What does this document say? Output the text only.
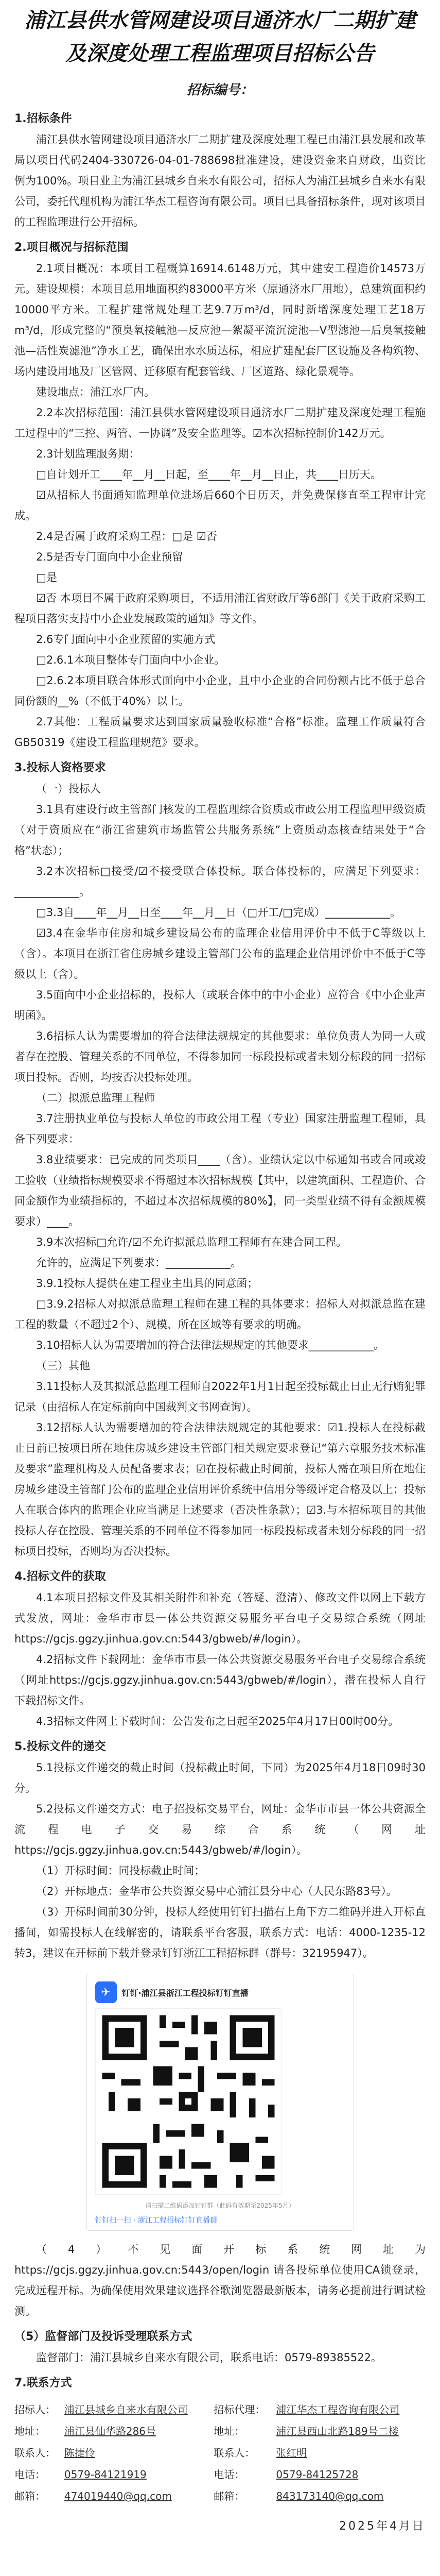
浦江县供水管网建设项目通济水厂二期扩建及深度处理工程监理项目招标公告
招标编号：
1.招标条件
浦江县供水管网建设项目通济水厂二期扩建及深度处理工程已由浦江县发展和改革局以项目代码2404-330726-04-01-788698批准建设，建设资金来自财政，出资比例为100%。项目业主为浦江县城乡自来水有限公司，招标人为浦江县城乡自来水有限公司，委托代理机构为浦江华杰工程咨询有限公司。项目已具备招标条件，现对该项目的工程监理进行公开招标。
2.项目概况与招标范围
2.1项目概况：本项目工程概算16914.6148万元，其中建安工程造价14573万元。建设规模：本项目总用地面积约83000平方米（原通济水厂用地），总建筑面积约10000平方米。工程扩建常规处理工艺9.7万m³/d，同时新增深度处理工艺18万m³/d，形成完整的“预臭氧接触池—反应池—絮凝平流沉淀池—V型滤池—后臭氧接触池—活性炭滤池”净水工艺，确保出水水质达标，相应扩建配套厂区设施及各构筑物、场内建设用地及厂区管网、迁移原有配套管线、厂区道路、绿化景观等。
建设地点：浦江水厂内。
2.2本次招标范围：浦江县供水管网建设项目通济水厂二期扩建及深度处理工程施工过程中的“三控、两管、一协调”及安全监理等。☑本次招标控制价142万元。
2.3计划监理服务期：
□自计划开工____年__月__日起，至____年__月__日止，共____日历天。
☑从招标人书面通知监理单位进场后660个日历天，并免费保修直至工程审计完成。
2.4是否属于政府采购工程：□是 ☑否
2.5是否专门面向中小企业预留
□是
☑否 本项目不属于政府采购项目，不适用浦江省财政厅等6部门《关于政府采购工程项目落实支持中小企业发展政策的通知》等文件。
2.6专门面向中小企业预留的实施方式
□2.6.1本项目整体专门面向中小企业。
□2.6.2本项目联合体形式面向中小企业，且中小企业的合同份额占比不低于总合同份额的__%（不低于40%）以上。
2.7其他：工程质量要求达到国家质量验收标准“合格”标准。监理工作质量符合GB50319《建设工程监理规范》要求。
3.投标人资格要求
（一）投标人
3.1具有建设行政主管部门核发的工程监理综合资质或市政公用工程监理甲级资质（对于资质应在“浙江省建筑市场监管公共服务系统”上资质动态核查结果处于“合格”状态）；
3.2本次招标□接受/☑不接受联合体投标。联合体投标的，应满足下列要求：____________。
□3.3自____年__月__日至____年__月__日（□开工/□完成）____________。
☑3.4在金华市住房和城乡建设局公布的监理企业信用评价中不低于C等级以上（含）。本项目在浙江省住房城乡建设主管部门公布的监理企业信用评价中不低于C等级以上（含）。
3.5面向中小企业招标的，投标人（或联合体中的中小企业）应符合《中小企业声明函》。
3.6招标人认为需要增加的符合法律法规规定的其他要求：单位负责人为同一人或者存在控股、管理关系的不同单位，不得参加同一标段投标或者未划分标段的同一招标项目投标。否则，均按否决投标处理。
（二）拟派总监理工程师
3.7注册执业单位与投标人单位的市政公用工程（专业）国家注册监理工程师，具备下列要求：
3.8业绩要求：已完成的同类项目____（含）。业绩认定以中标通知书或合同或竣工验收（业绩指标规模要求不得超过本次招标规模【其中，以建筑面积、工程造价、合同金额作为业绩指标的，不超过本次招标规模的80%】，同一类型业绩不得有金额规模要求）____。
3.9本次招标□允许/☑不允许拟派总监理工程师有在建合同工程。
允许的，应满足下列要求：____________。
3.9.1投标人提供在建工程业主出具的同意函；
□3.9.2招标人对拟派总监理工程师在建工程的具体要求：招标人对拟派总监在建工程的数量（不超过2个）、规模、所在区域等有要求的明确。
3.10招标人认为需要增加的符合法律法规规定的其他要求____________。
（三）其他
3.11投标人及其拟派总监理工程师自2022年1月1日起至投标截止日止无行贿犯罪记录（由招标人在定标前向中国裁判文书网查询）。
3.12招标人认为需要增加的符合法律法规规定的其他要求：☑1.投标人在投标截止日前已按项目所在地住房城乡建设主管部门相关规定要求登记“第六章服务技术标准及要求”监理机构及人员配备要求表；☑在投标截止时间前，投标人需在项目所在地住房城乡建设主管部门公布的监理企业信用评价系统中信用分等级评定合格及以上；投标人在联合体内的监理企业应当满足上述要求（否决性条款）；☑3.与本招标项目的其他投标人存在控股、管理关系的不同单位不得参加同一标段投标或者未划分标段的同一招标项目投标，否则均为否决投标。
4.招标文件的获取
4.1本项目招标文件及其相关附件和补充（答疑、澄清）、修改文件以网上下载方式发放，网址：金华市市县一体公共资源交易服务平台电子交易综合系统（网址https://gcjs.ggzy.jinhua.gov.cn:5443/gbweb/#/login）。
4.2招标文件下载网址：金华市市县一体公共资源交易服务平台电子交易综合系统（网址https://gcjs.ggzy.jinhua.gov.cn:5443/gbweb/#/login），潜在投标人自行下载招标文件。
4.3招标文件网上下载时间：公告发布之日起至2025年4月17日00时00分。
5.投标文件的递交
5.1投标文件递交的截止时间（投标截止时间，下同）为2025年4月18日09时30分。
5.2投标文件递交方式：电子招投标交易平台，网址：金华市市县一体公共资源全流程电子交易综合系统（网址https://gcjs.ggzy.jinhua.gov.cn:5443/gbweb/#/login）。
（1）开标时间：同投标截止时间；
（2）开标地点：金华市公共资源交易中心浦江县分中心（人民东路83号）。
（3）开标时间前30分钟，投标人经使用钉钉扫描右上角下方二维码并进入开标直播间，如需投标人在线解密的，请联系平台客服，联系方式：电话：4000-1235-12转3，建议在开标前下载并登录钉钉浙江工程招标群（群号：32195947）。
✈	钉钉·浦江县浙江工程投标钉钉直播
请扫描二维码添加钉钉群（此码有效期至2025年5月）
钉钉扫一扫 · 浙江工程招标钉钉直播群
（4）不见面开标系统网址为https://gcjs.ggzy.jinhua.gov.cn:5443/open/login 请各投标单位使用CA锁登录，完成远程开标。为确保使用效果建议选择谷歌浏览器最新版本，请务必提前进行调试检测。
（5）监督部门及投诉受理联系方式
监督部门：浦江县城乡自来水有限公司，联系电话：0579-89385522。
7.联系方式
招标人：	浦江县城乡自来水有限公司	招标代理：	浦江华杰工程咨询有限公司
地址：	浦江县仙华路286号	地址：	浦江县西山北路189号二楼
联系人：	陈捷伶	联系人：	张红明
电话：	0579-84121919	电话：	0579-84125728
邮箱：	474019440@qq.com	邮箱：	843173140@qq.com
2025年4月日
